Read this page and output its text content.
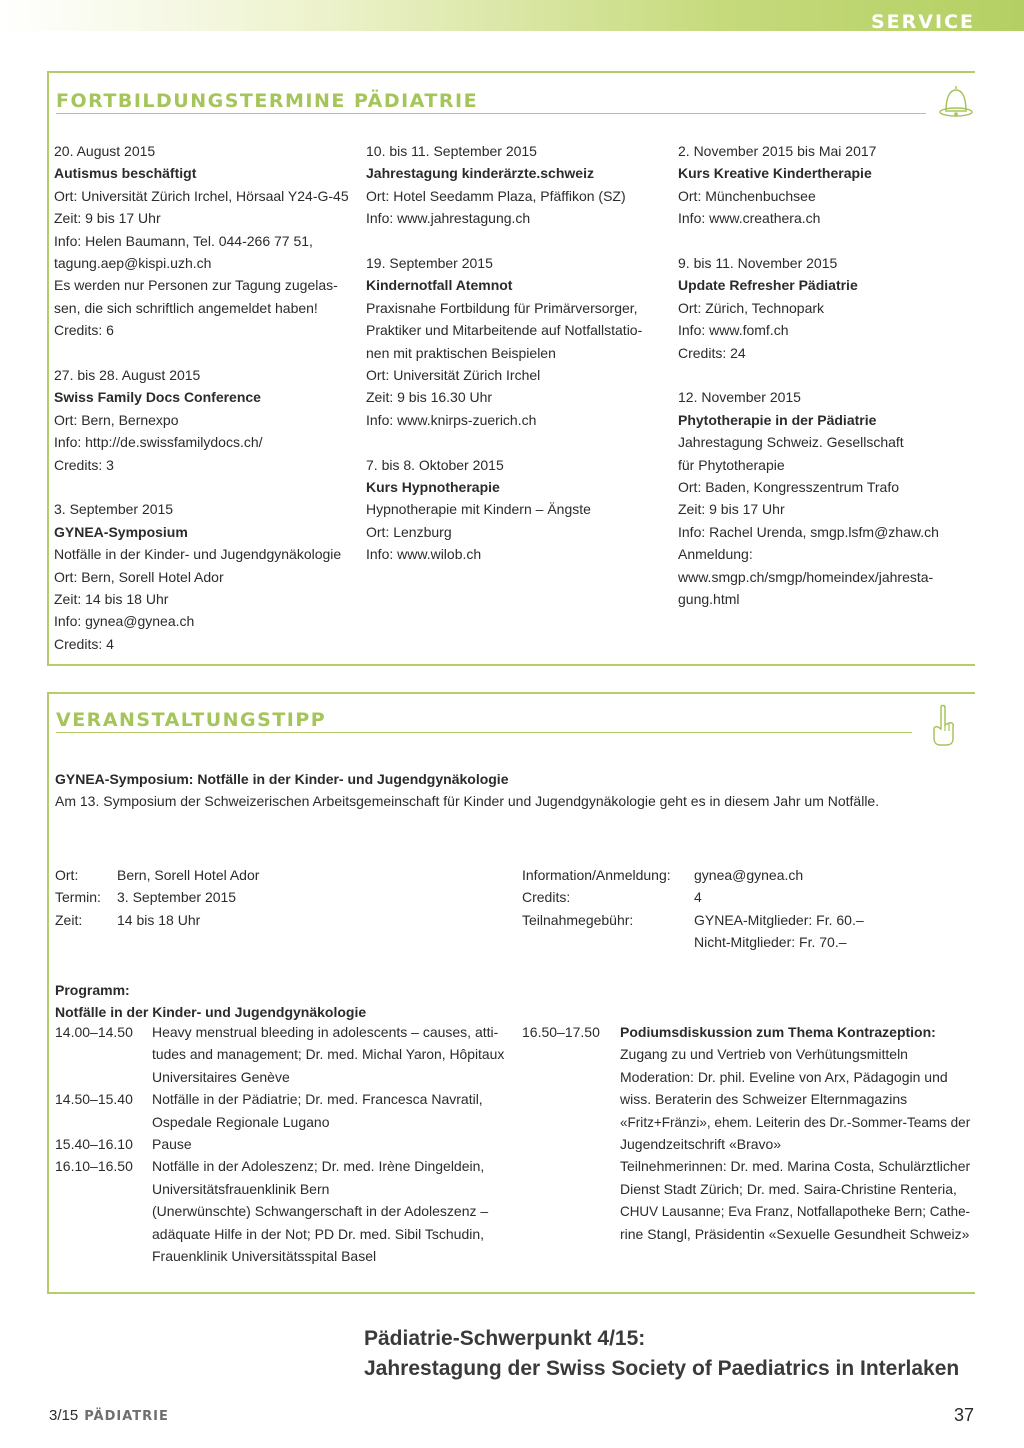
SERVICE
FORTBILDUNGSTERMINE PÄDIATRIE
20. August 2015
Autismus beschäftigt
Ort: Universität Zürich Irchel, Hörsaal Y24-G-45
Zeit: 9 bis 17 Uhr
Info: Helen Baumann, Tel. 044-266 77 51,
tagung.aep@kispi.uzh.ch
Es werden nur Personen zur Tagung zugelas-
sen, die sich schriftlich angemeldet haben!
Credits: 6
27. bis 28. August 2015
Swiss Family Docs Conference
Ort: Bern, Bernexpo
Info: http://de.swissfamilydocs.ch/
Credits: 3
3. September 2015
GYNEA-Symposium
Notfälle in der Kinder- und Jugendgynäkologie
Ort: Bern, Sorell Hotel Ador
Zeit: 14 bis 18 Uhr
Info: gynea@gynea.ch
Credits: 4
10. bis 11. September 2015
Jahrestagung kinderärzte.schweiz
Ort: Hotel Seedamm Plaza, Pfäffikon (SZ)
Info: www.jahrestagung.ch
19. September 2015
Kindernotfall Atemnot
Praxisnahe Fortbildung für Primärversorger,
Praktiker und Mitarbeitende auf Notfallstatio-
nen mit praktischen Beispielen
Ort: Universität Zürich Irchel
Zeit: 9 bis 16.30 Uhr
Info: www.knirps-zuerich.ch
7. bis 8. Oktober 2015
Kurs Hypnotherapie
Hypnotherapie mit Kindern – Ängste
Ort: Lenzburg
Info: www.wilob.ch
2. November 2015 bis Mai 2017
Kurs Kreative Kindertherapie
Ort: Münchenbuchsee
Info: www.creathera.ch
9. bis 11. November 2015
Update Refresher Pädiatrie
Ort: Zürich, Technopark
Info: www.fomf.ch
Credits: 24
12. November 2015
Phytotherapie in der Pädiatrie
Jahrestagung Schweiz. Gesellschaft
für Phytotherapie
Ort: Baden, Kongresszentrum Trafo
Zeit: 9 bis 17 Uhr
Info: Rachel Urenda, smgp.lsfm@zhaw.ch
Anmeldung:
www.smgp.ch/smgp/homeindex/jahresta-
gung.html
VERANSTALTUNGSTIPP
GYNEA-Symposium: Notfälle in der Kinder- und Jugendgynäkologie
Am 13. Symposium der Schweizerischen Arbeitsgemeinschaft für Kinder und Jugendgynäkologie geht es in diesem Jahr um Notfälle.
Ort:	Bern, Sorell Hotel Ador
Termin: 3. September 2015
Zeit: 14 bis 18 Uhr
Information/Anmeldung: gynea@gynea.ch
Credits:	4
Teilnahmegebühr:	GYNEA-Mitglieder: Fr. 60.–
Nicht-Mitglieder: Fr. 70.–
Programm:
Notfälle in der Kinder- und Jugendgynäkologie
14.00–14.50 Heavy menstrual bleeding in adolescents – causes, atti-
tudes and management; Dr. med. Michal Yaron, Hôpitaux
Universitaires Genève
14.50–15.40 Notfälle in der Pädiatrie; Dr. med. Francesca Navratil,
Ospedale Regionale Lugano
15.40–16.10 Pause
16.10–16.50 Notfälle in der Adoleszenz; Dr. med. Irène Dingeldein,
Universitätsfrauenklinik Bern
(Unerwünschte) Schwangerschaft in der Adoleszenz –
adäquate Hilfe in der Not; PD Dr. med. Sibil Tschudin,
Frauenklinik Universitätsspital Basel
16.50–17.50 Podiumsdiskussion zum Thema Kontrazeption:
Zugang zu und Vertrieb von Verhütungsmitteln
Moderation: Dr. phil. Eveline von Arx, Pädagogin und
wiss. Beraterin des Schweizer Elternmagazins
«Fritz+Fränzi», ehem. Leiterin des Dr.-Sommer-Teams der
Jugendzeitschrift «Bravo»
Teilnehmerinnen: Dr. med. Marina Costa, Schulärztlicher
Dienst Stadt Zürich; Dr. med. Saira-Christine Renteria,
CHUV Lausanne; Eva Franz, Notfallapotheke Bern; Cathe-
rine Stangl, Präsidentin «Sexuelle Gesundheit Schweiz»
Pädiatrie-Schwerpunkt 4/15:
Jahrestagung der Swiss Society of Paediatrics in Interlaken
3/15 PÄDIATRIE	37
